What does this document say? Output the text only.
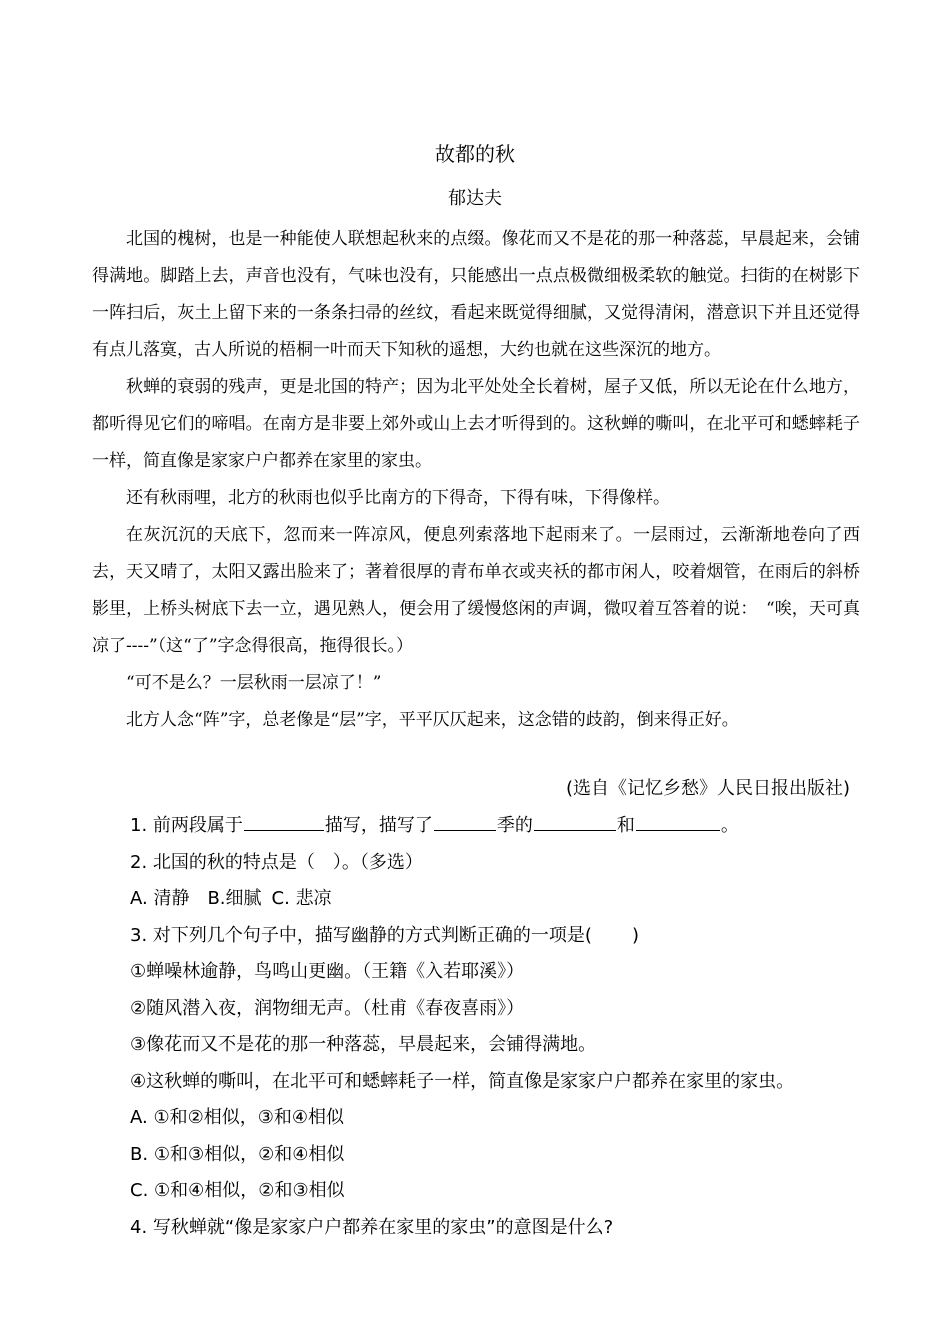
故都的秋
郁达夫

北国的槐树，也是一种能使人联想起秋来的点缀。像花而又不是花的那一种落蕊，早晨起来，会铺得满地。脚踏上去，声音也没有，气味也没有，只能感出一点点极微细极柔软的触觉。扫街的在树影下一阵扫后，灰土上留下来的一条条扫帚的丝纹，看起来既觉得细腻，又觉得清闲，潜意识下并且还觉得有点儿落寞，古人所说的梧桐一叶而天下知秋的遥想，大约也就在这些深沉的地方。

秋蝉的衰弱的残声，更是北国的特产；因为北平处处全长着树，屋子又低，所以无论在什么地方，都听得见它们的啼唱。在南方是非要上郊外或山上去才听得到的。这秋蝉的嘶叫，在北平可和蟋蟀耗子一样，简直像是家家户户都养在家里的家虫。

还有秋雨哩，北方的秋雨也似乎比南方的下得奇，下得有味，下得像样。

在灰沉沉的天底下，忽而来一阵凉风，便息列索落地下起雨来了。一层雨过，云渐渐地卷向了西去，天又晴了，太阳又露出脸来了；著着很厚的青布单衣或夹袄的都市闲人，咬着烟管，在雨后的斜桥影里，上桥头树底下去一立，遇见熟人，便会用了缓慢悠闲的声调，微叹着互答着的说：　“唉，天可真凉了----”（这“了”字念得很高，拖得很长。）

“可不是么？一层秋雨一层凉了！”

北方人念“阵”字，总老像是“层”字，平平仄仄起来，这念错的歧韵，倒来得正好。

(选自《记忆乡愁》人民日报出版社)
1. 前两段属于	描写，描写了	季的	和	。
2. 北国的秋的特点是（　）。（多选）
A. 清静 B.细腻 C. 悲凉
3. 对下列几个句子中，描写幽静的方式判断正确的一项是( )
①蝉噪林逾静，鸟鸣山更幽。（王籍《入若耶溪》）
②随风潜入夜，润物细无声。（杜甫《春夜喜雨》）
③像花而又不是花的那一种落蕊，早晨起来，会铺得满地。
④这秋蝉的嘶叫，在北平可和蟋蟀耗子一样，简直像是家家户户都养在家里的家虫。
A. ①和②相似，③和④相似
B. ①和③相似，②和④相似
C. ①和④相似，②和③相似
4. 写秋蝉就“像是家家户户都养在家里的家虫”的意图是什么?
